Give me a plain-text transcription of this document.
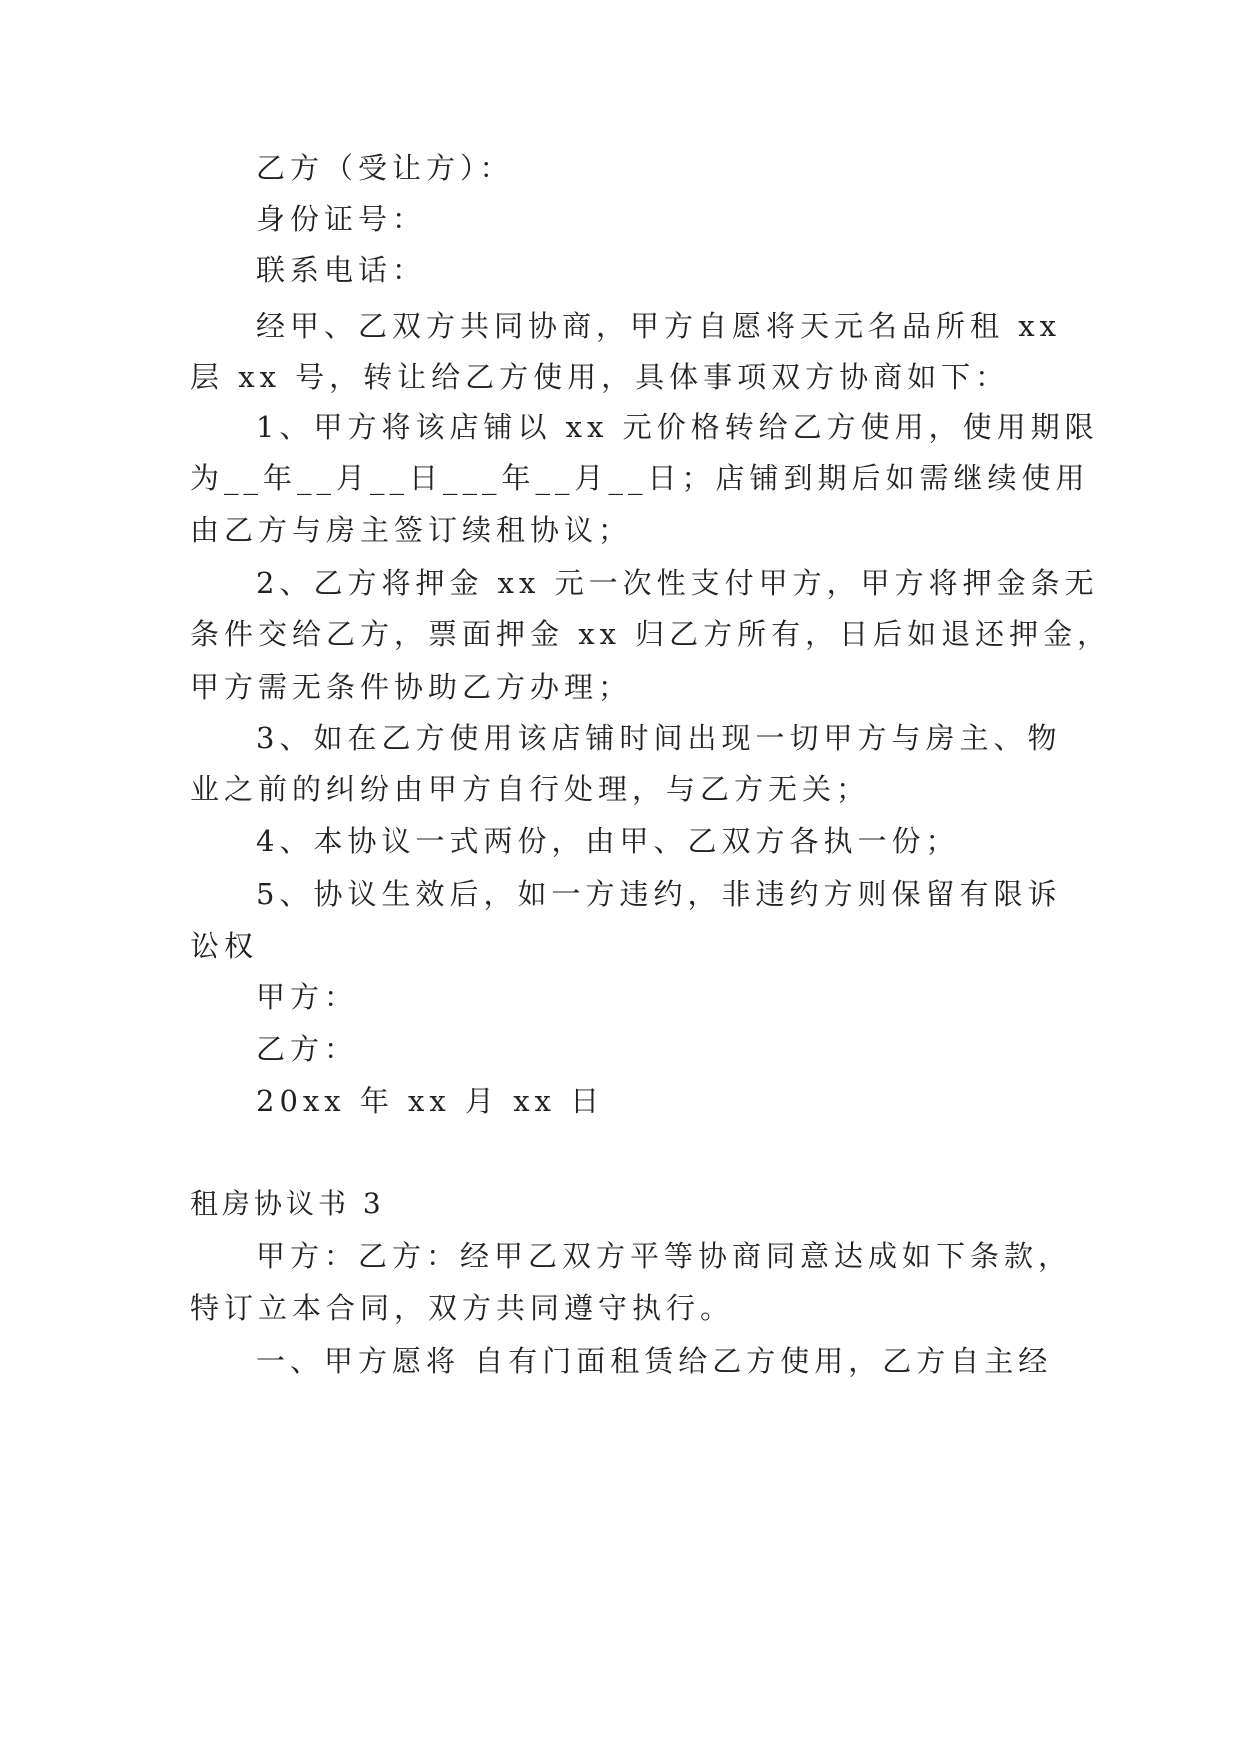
乙方（受让方）：
身份证号：
联系电话：
经甲、乙双方共同协商，甲方自愿将天元名品所租 xx
层 xx 号，转让给乙方使用，具体事项双方协商如下：
1、甲方将该店铺以 xx 元价格转给乙方使用，使用期限
为__年__月__日___年__月__日；店铺到期后如需继续使用
由乙方与房主签订续租协议；
2、乙方将押金 xx 元一次性支付甲方，甲方将押金条无
条件交给乙方，票面押金 xx 归乙方所有，日后如退还押金，
甲方需无条件协助乙方办理；
3、如在乙方使用该店铺时间出现一切甲方与房主、物
业之前的纠纷由甲方自行处理，与乙方无关；
4、本协议一式两份，由甲、乙双方各执一份；
5、协议生效后，如一方违约，非违约方则保留有限诉
讼权
甲方：
乙方：
20xx 年 xx 月 xx 日
租房协议书 3
甲方：乙方：经甲乙双方平等协商同意达成如下条款，
特订立本合同，双方共同遵守执行。
一、甲方愿将 自有门面租赁给乙方使用，乙方自主经
